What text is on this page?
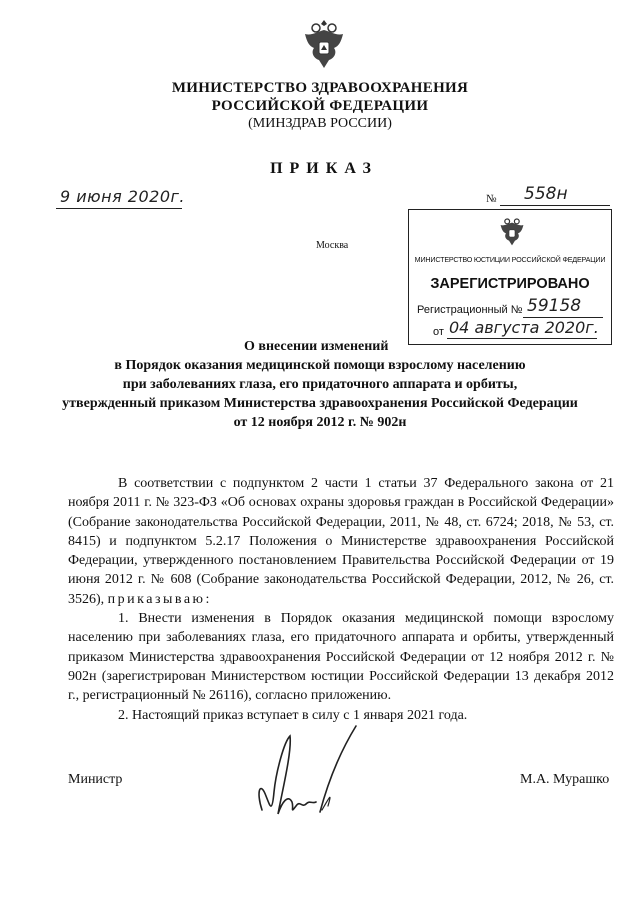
МИНИСТЕРСТВО ЗДРАВООХРАНЕНИЯ
РОССИЙСКОЙ ФЕДЕРАЦИИ
(МИНЗДРАВ РОССИИ)
ПРИКАЗ
9 июня 2020г.	№ 558н
Москва
МИНИСТЕРСТВО ЮСТИЦИИ РОССИЙСКОЙ ФЕДЕРАЦИИ
ЗАРЕГИСТРИРОВАНО
Регистрационный № 59158
от 04 августа 2020г.
О внесении изменений
в Порядок оказания медицинской помощи взрослому населению
при заболеваниях глаза, его придаточного аппарата и орбиты,
утвержденный приказом Министерства здравоохранения Российской Федерации
от 12 ноября 2012 г. № 902н

В соответствии с подпунктом 2 части 1 статьи 37 Федерального закона от 21 ноября 2011 г. № 323-ФЗ «Об основах охраны здоровья граждан в Российской Федерации» (Собрание законодательства Российской Федерации, 2011, № 48, ст. 6724; 2018, № 53, ст. 8415) и подпунктом 5.2.17 Положения о Министерстве здравоохранения Российской Федерации, утвержденного постановлением Правительства Российской Федерации от 19 июня 2012 г. № 608 (Собрание законодательства Российской Федерации, 2012, № 26, ст. 3526), приказываю:

1. Внести изменения в Порядок оказания медицинской помощи взрослому населению при заболеваниях глаза, его придаточного аппарата и орбиты, утвержденный приказом Министерства здравоохранения Российской Федерации от 12 ноября 2012 г. № 902н (зарегистрирован Министерством юстиции Российской Федерации 13 декабря 2012 г., регистрационный № 26116), согласно приложению.

2. Настоящий приказ вступает в силу с 1 января 2021 года.

Министр	М.А. Мурашко
